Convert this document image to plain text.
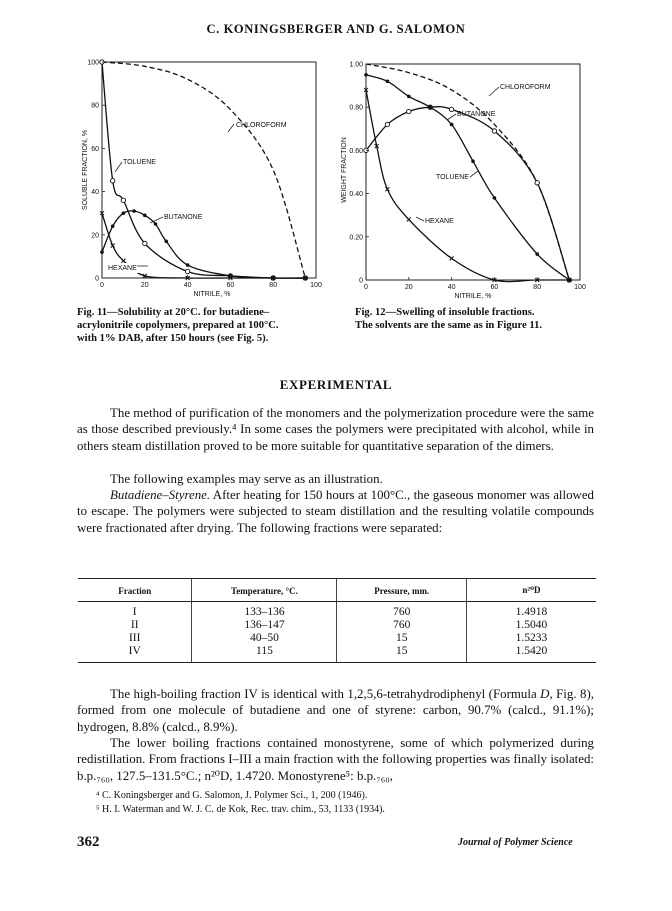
C. KONINGSBERGER AND G. SALOMON
0	20	40	60	80	100
0
20
40
60
80
100
SOLUBLE FRACTION, %
NITRILE, %
CHLOROFORM
TOLUENE
BUTANONE
HEXANE
0	20	40	60	80	100
0
0.20
0.40
0.60
0.80
1.00
WEIGHT FRACTION
NITRILE, %
CHLOROFORM
BUTANONE
TOLUENE
HEXANE
Fig. 11—Solubility at 20°C. for butadiene–
acrylonitrile copolymers, prepared at 100°C.
with 1% DAB, after 150 hours (see Fig. 5).
Fig. 12—Swelling of insoluble fractions.
The solvents are the same as in Figure 11.
EXPERIMENTAL
The method of purification of the monomers and the polymerization procedure were the same as those described previously.⁴ In some cases the polymers were precipitated with alcohol, while in others steam distillation proved to be more suitable for quantitative separation of the dimers.
The following examples may serve as an illustration.
Butadiene–Styrene. After heating for 150 hours at 100°C., the gaseous monomer was allowed to escape. The polymers were subjected to steam distillation and the resulting volatile compounds were fractionated after drying. The following fractions were separated:
Fraction	Temperature, °C.	Pressure, mm.	n²⁰D
I	133–136	760	1.4918
II	136–147	760	1.5040
III	40–50	15	1.5233
IV	115	15	1.5420
The high-boiling fraction IV is identical with 1,2,5,6-tetrahydrodiphenyl (Formula D, Fig. 8), formed from one molecule of butadiene and one of styrene: carbon, 90.7% (calcd., 91.1%); hydrogen, 8.8% (calcd., 8.9%).
The lower boiling fractions contained monostyrene, some of which polymerized during redistillation. From fractions I–III a main fraction with the following properties was finally isolated: b.p.₇₆₀, 127.5–131.5°C.; n²⁰D, 1.4720. Monostyrene⁵: b.p.₇₆₀,
⁴ C. Koningsberger and G. Salomon, J. Polymer Sci., 1, 200 (1946).
⁵ H. I. Waterman and W. J. C. de Kok, Rec. trav. chim., 53, 1133 (1934).
362	Journal of Polymer Science
